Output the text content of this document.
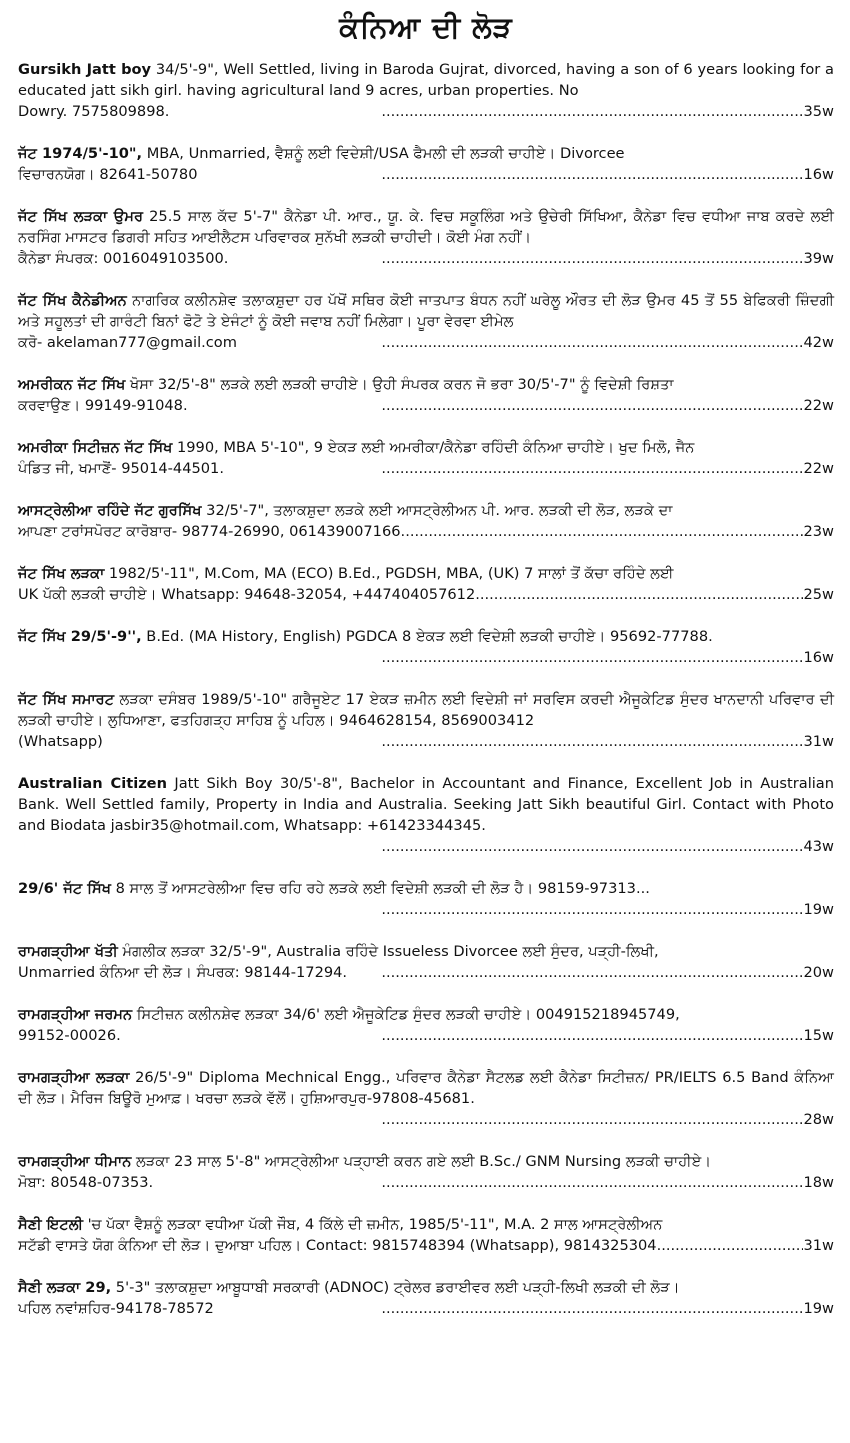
ਕੰਨਿਆ ਦੀ ਲੋੜ
Gursikh Jatt boy 34/5'-9", Well Settled, living in Baroda Gujrat, divorced, having a son of 6 years looking for a educated jatt sikh girl. having agricultural land 9 acres, urban properties. No
Dowry. 7575809898. .....	35w
ਜੱਟ 1974/5'-10", MBA, Unmarried, ਵੈਸ਼ਨੂੰ ਲਈ ਵਿਦੇਸ਼ੀ/USA ਫੈਮਲੀ ਦੀ ਲੜਕੀ ਚਾਹੀਏ। Divorcee
ਵਿਚਾਰਨਯੋਗ। 82641-50780 .....	16w
ਜੱਟ ਸਿੱਖ ਲੜਕਾ ਉਮਰ 25.5 ਸਾਲ ਕੱਦ 5'-7" ਕੈਨੇਡਾ ਪੀ. ਆਰ., ਯੂ. ਕੇ. ਵਿਚ ਸਕੂਲਿੰਗ ਅਤੇ ਉਚੇਰੀ ਸਿੱਖਿਆ, ਕੈਨੇਡਾ ਵਿਚ ਵਧੀਆ ਜਾਬ ਕਰਦੇ ਲਈ ਨਰਸਿੰਗ ਮਾਸਟਰ ਡਿਗਰੀ ਸਹਿਤ ਆਈਲੈਟਸ ਪਰਿਵਾਰਕ ਸੁਨੱਖੀ ਲੜਕੀ ਚਾਹੀਦੀ। ਕੋਈ ਮੰਗ ਨਹੀਂ।
ਕੈਨੇਡਾ ਸੰਪਰਕ: 0016049103500. .....	39w
ਜੱਟ ਸਿੱਖ ਕੈਨੇਡੀਅਨ ਨਾਗਰਿਕ ਕਲੀਨਸ਼ੇਵ ਤਲਾਕਸ਼ੁਦਾ ਹਰ ਪੱਖੋਂ ਸਥਿਰ ਕੋਈ ਜਾਤਪਾਤ ਬੰਧਨ ਨਹੀਂ ਘਰੇਲੂ ਔਰਤ ਦੀ ਲੋੜ ਉਮਰ 45 ਤੋਂ 55 ਬੇਫਿਕਰੀ ਜ਼ਿੰਦਗੀ ਅਤੇ ਸਹੂਲਤਾਂ ਦੀ ਗਾਰੰਟੀ ਬਿਨਾਂ ਫੋਟੋ ਤੇ ਏਜੰਟਾਂ ਨੂੰ ਕੋਈ ਜਵਾਬ ਨਹੀਂ ਮਿਲੇਗਾ। ਪੂਰਾ ਵੇਰਵਾ ਈਮੇਲ
ਕਰੋ- akelaman777@gmail.com .....	42w
ਅਮਰੀਕਨ ਜੱਟ ਸਿੱਖ ਖੋਸਾ 32/5'-8" ਲੜਕੇ ਲਈ ਲੜਕੀ ਚਾਹੀਏ। ਉਹੀ ਸੰਪਰਕ ਕਰਨ ਜੋ ਭਰਾ 30/5'-7" ਨੂੰ ਵਿਦੇਸ਼ੀ ਰਿਸ਼ਤਾ
ਕਰਵਾਉਣ। 99149-91048. .....	22w
ਅਮਰੀਕਾ ਸਿਟੀਜ਼ਨ ਜੱਟ ਸਿੱਖ 1990, MBA 5'-10", 9 ਏਕੜ ਲਈ ਅਮਰੀਕਾ/ਕੈਨੇਡਾ ਰਹਿੰਦੀ ਕੰਨਿਆ ਚਾਹੀਏ। ਖੁਦ ਮਿਲੋ, ਜੈਨ
ਪੰਡਿਤ ਜੀ, ਖਮਾਣੋਂ- 95014-44501. .....	22w
ਆਸਟ੍ਰੇਲੀਆ ਰਹਿੰਦੇ ਜੱਟ ਗੁਰਸਿੱਖ 32/5'-7", ਤਲਾਕਸ਼ੁਦਾ ਲੜਕੇ ਲਈ ਆਸਟ੍ਰੇਲੀਅਨ ਪੀ. ਆਰ. ਲੜਕੀ ਦੀ ਲੋੜ, ਲੜਕੇ ਦਾ
ਆਪਣਾ ਟਰਾਂਸਪੋਰਟ ਕਾਰੋਬਾਰ- 98774-26990, 061439007166. .....	23w
ਜੱਟ ਸਿੱਖ ਲੜਕਾ 1982/5'-11", M.Com, MA (ECO) B.Ed., PGDSH, MBA, (UK) 7 ਸਾਲਾਂ ਤੋਂ ਕੱਚਾ ਰਹਿੰਦੇ ਲਈ
UK ਪੱਕੀ ਲੜਕੀ ਚਾਹੀਏ। Whatsapp: 94648-32054, +447404057612. .....	25w
ਜੱਟ ਸਿੱਖ 29/5'-9'', B.Ed. (MA History, English) PGDCA 8 ਏਕੜ ਲਈ ਵਿਦੇਸ਼ੀ ਲੜਕੀ ਚਾਹੀਏ। 95692-77788.
.....
16w
ਜੱਟ ਸਿੱਖ ਸਮਾਰਟ ਲੜਕਾ ਦਸੰਬਰ 1989/5'-10" ਗਰੈਜੂਏਟ 17 ਏਕੜ ਜ਼ਮੀਨ ਲਈ ਵਿਦੇਸ਼ੀ ਜਾਂ ਸਰਵਿਸ ਕਰਦੀ ਐਜੂਕੇਟਿਡ ਸੁੰਦਰ ਖਾਨਦਾਨੀ ਪਰਿਵਾਰ ਦੀ ਲੜਕੀ ਚਾਹੀਏ। ਲੁਧਿਆਣਾ, ਫਤਹਿਗੜ੍ਹ ਸਾਹਿਬ ਨੂੰ ਪਹਿਲ। 9464628154, 8569003412
(Whatsapp) .....	31w
Australian Citizen Jatt Sikh Boy 30/5'-8", Bachelor in Accountant and Finance, Excellent Job in Australian Bank. Well Settled family, Property in India and Australia. Seeking Jatt Sikh beautiful Girl. Contact with Photo and Biodata jasbir35@hotmail.com, Whatsapp: +61423344345.
.....
43w
29/6' ਜੱਟ ਸਿੱਖ 8 ਸਾਲ ਤੋਂ ਆਸਟਰੇਲੀਆ ਵਿਚ ਰਹਿ ਰਹੇ ਲੜਕੇ ਲਈ ਵਿਦੇਸ਼ੀ ਲੜਕੀ ਦੀ ਲੋੜ ਹੈ। 98159-97313...
.....
19w
ਰਾਮਗੜ੍ਹੀਆ ਖੱਤੀ ਮੰਗਲੀਕ ਲੜਕਾ 32/5'-9", Australia ਰਹਿੰਦੇ Issueless Divorcee ਲਈ ਸੁੰਦਰ, ਪੜ੍ਹੀ-ਲਿਖੀ,
Unmarried ਕੰਨਿਆ ਦੀ ਲੋੜ। ਸੰਪਰਕ: 98144-17294. .....	20w
ਰਾਮਗੜ੍ਹੀਆ ਜਰਮਨ ਸਿਟੀਜ਼ਨ ਕਲੀਨਸ਼ੇਵ ਲੜਕਾ 34/6' ਲਈ ਐਜੂਕੇਟਿਡ ਸੁੰਦਰ ਲੜਕੀ ਚਾਹੀਏ। 004915218945749,
99152-00026. .....	15w
ਰਾਮਗੜ੍ਹੀਆ ਲੜਕਾ 26/5'-9" Diploma Mechnical Engg., ਪਰਿਵਾਰ ਕੈਨੇਡਾ ਸੈਟਲਡ ਲਈ ਕੈਨੇਡਾ ਸਿਟੀਜ਼ਨ/ PR/IELTS 6.5 Band ਕੰਨਿਆ ਦੀ ਲੋੜ। ਮੈਰਿਜ ਬਿਊਰੋ ਮੁਆਫ਼। ਖਰਚਾ ਲੜਕੇ ਵੱਲੋਂ। ਹੁਸ਼ਿਆਰਪੁਰ-97808-45681.
.....
28w
ਰਾਮਗੜ੍ਹੀਆ ਧੀਮਾਨ ਲੜਕਾ 23 ਸਾਲ 5'-8" ਆਸਟ੍ਰੇਲੀਆ ਪੜ੍ਹਾਈ ਕਰਨ ਗਏ ਲਈ B.Sc./ GNM Nursing ਲੜਕੀ ਚਾਹੀਏ।
ਮੋਬਾ: 80548-07353. .....	18w
ਸੈਣੀ ਇਟਲੀ 'ਚ ਪੱਕਾ ਵੈਸ਼ਨੂੰ ਲੜਕਾ ਵਧੀਆ ਪੱਕੀ ਜੌਬ, 4 ਕਿੱਲੇ ਦੀ ਜ਼ਮੀਨ, 1985/5'-11", M.A. 2 ਸਾਲ ਆਸਟ੍ਰੇਲੀਅਨ
ਸਟੱਡੀ ਵਾਸਤੇ ਯੋਗ ਕੰਨਿਆ ਦੀ ਲੋੜ। ਦੁਆਬਾ ਪਹਿਲ। Contact: 9815748394 (Whatsapp), 9814325304.. .....	31w
ਸੈਣੀ ਲੜਕਾ 29, 5'-3" ਤਲਾਕਸ਼ੁਦਾ ਆਬੂਧਾਬੀ ਸਰਕਾਰੀ (ADNOC) ਟ੍ਰੇਲਰ ਡਰਾਈਵਰ ਲਈ ਪੜ੍ਹੀ-ਲਿਖੀ ਲੜਕੀ ਦੀ ਲੋੜ।
ਪਹਿਲ ਨਵਾਂਸ਼ਹਿਰ-94178-78572 .....	19w
